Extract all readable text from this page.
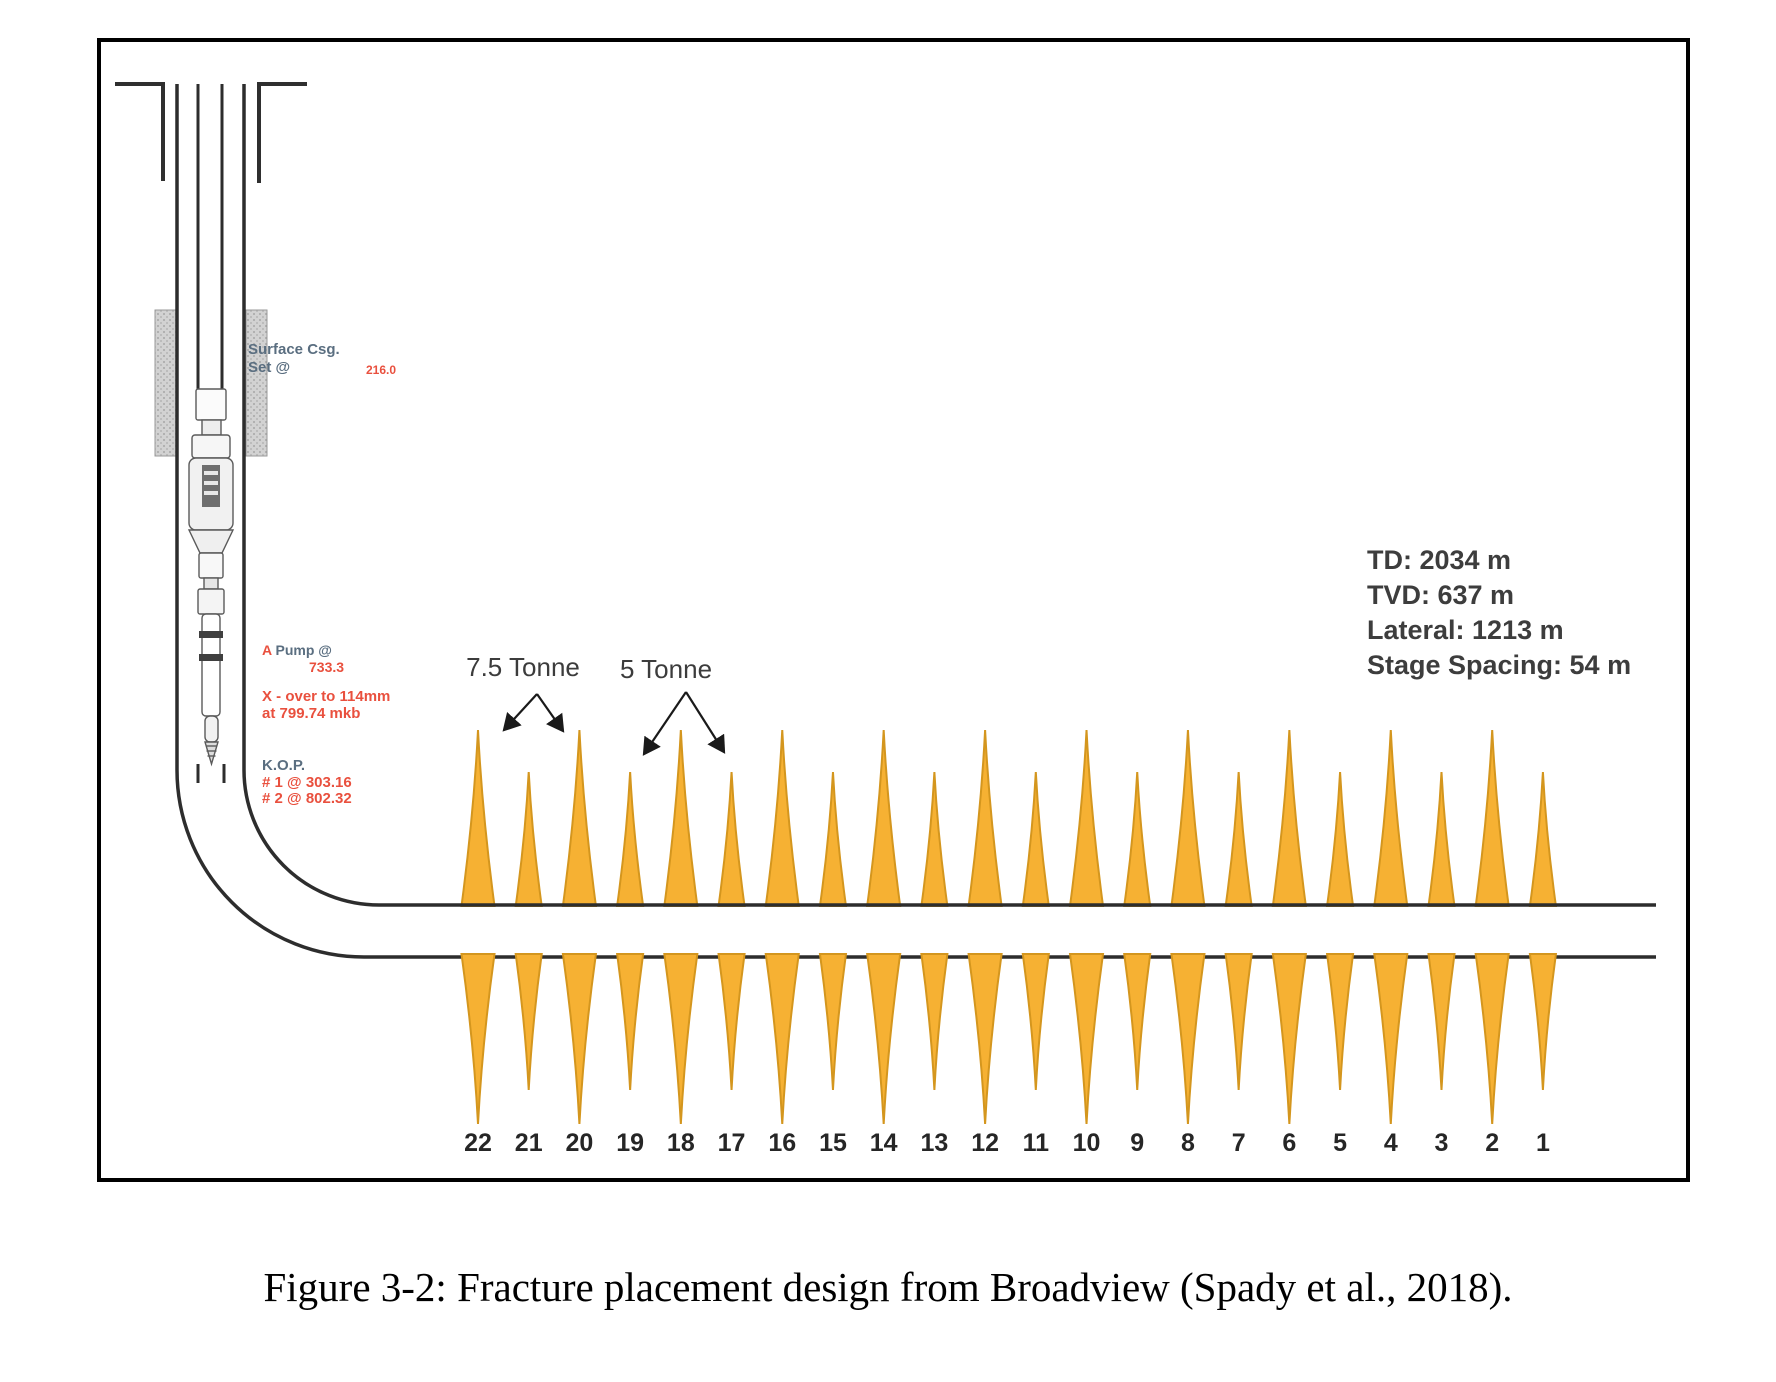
Surface Csg.
Set @	216.0
A Pump @
733.3
X - over to 114mm
at 799.74 mkb
K.O.P.
# 1 @ 303.16
# 2 @ 802.32
7.5 Tonne 5 Tonne
TD: 2034 m
TVD: 637 m
Lateral: 1213 m
Stage Spacing: 54 m
22 21 20 19 18 17 16 15 14 13 12 11 10 9 8 7 6 5 4 3 2 1
Figure 3-2: Fracture placement design from Broadview (Spady et al., 2018).
